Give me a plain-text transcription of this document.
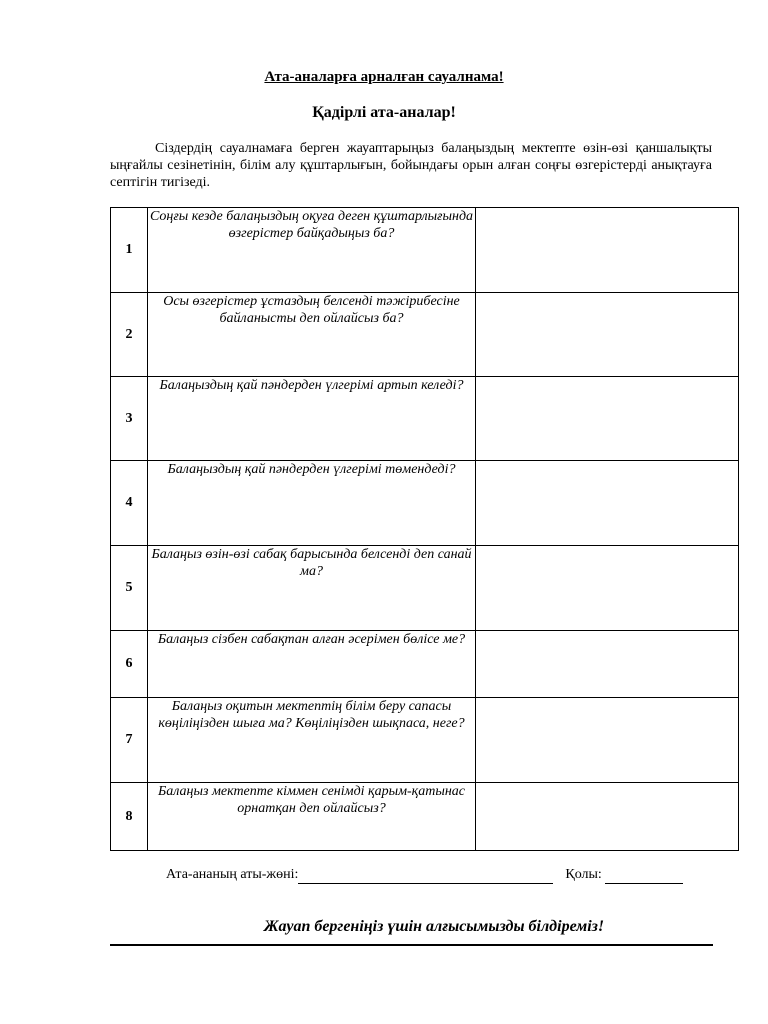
Ата-аналарға арналған сауалнама!
Қадірлі ата-аналар!

Сіздердің сауалнамаға берген жауаптарыңыз балаңыздың мектепте өзін-өзі қаншалықты ыңғайлы сезінетінін, білім алу құштарлығын, бойындағы орын алған соңғы өзгерістерді анықтауға септігін тигізеді.

1	Соңғы кезде балаңыздың оқуға деген құштарлығында өзгерістер байқадыңыз ба?	
2	Осы өзгерістер ұстаздың белсенді тәжірибесіне байланысты деп ойлайсыз ба?	
3	Балаңыздың қай пәндерден үлгерімі артып келеді?	
4	Балаңыздың қай пәндерден үлгерімі төмендеді?	
5	Балаңыз өзін-өзі сабақ барысында белсенді деп санай ма?	
6	Балаңыз сізбен сабақтан алған әсерімен бөлісе ме?	
7	Балаңыз оқитын мектептің білім беру сапасы көңіліңізден шыға ма? Көңіліңізден шықпаса, неге?	
8	Балаңыз мектепте кіммен сенімді қарым-қатынас орнатқан деп ойлайсыз?	
Ата-ананың аты-жөні:	Қолы:
Жауап бергеніңіз үшін алғысымызды білдіреміз!
